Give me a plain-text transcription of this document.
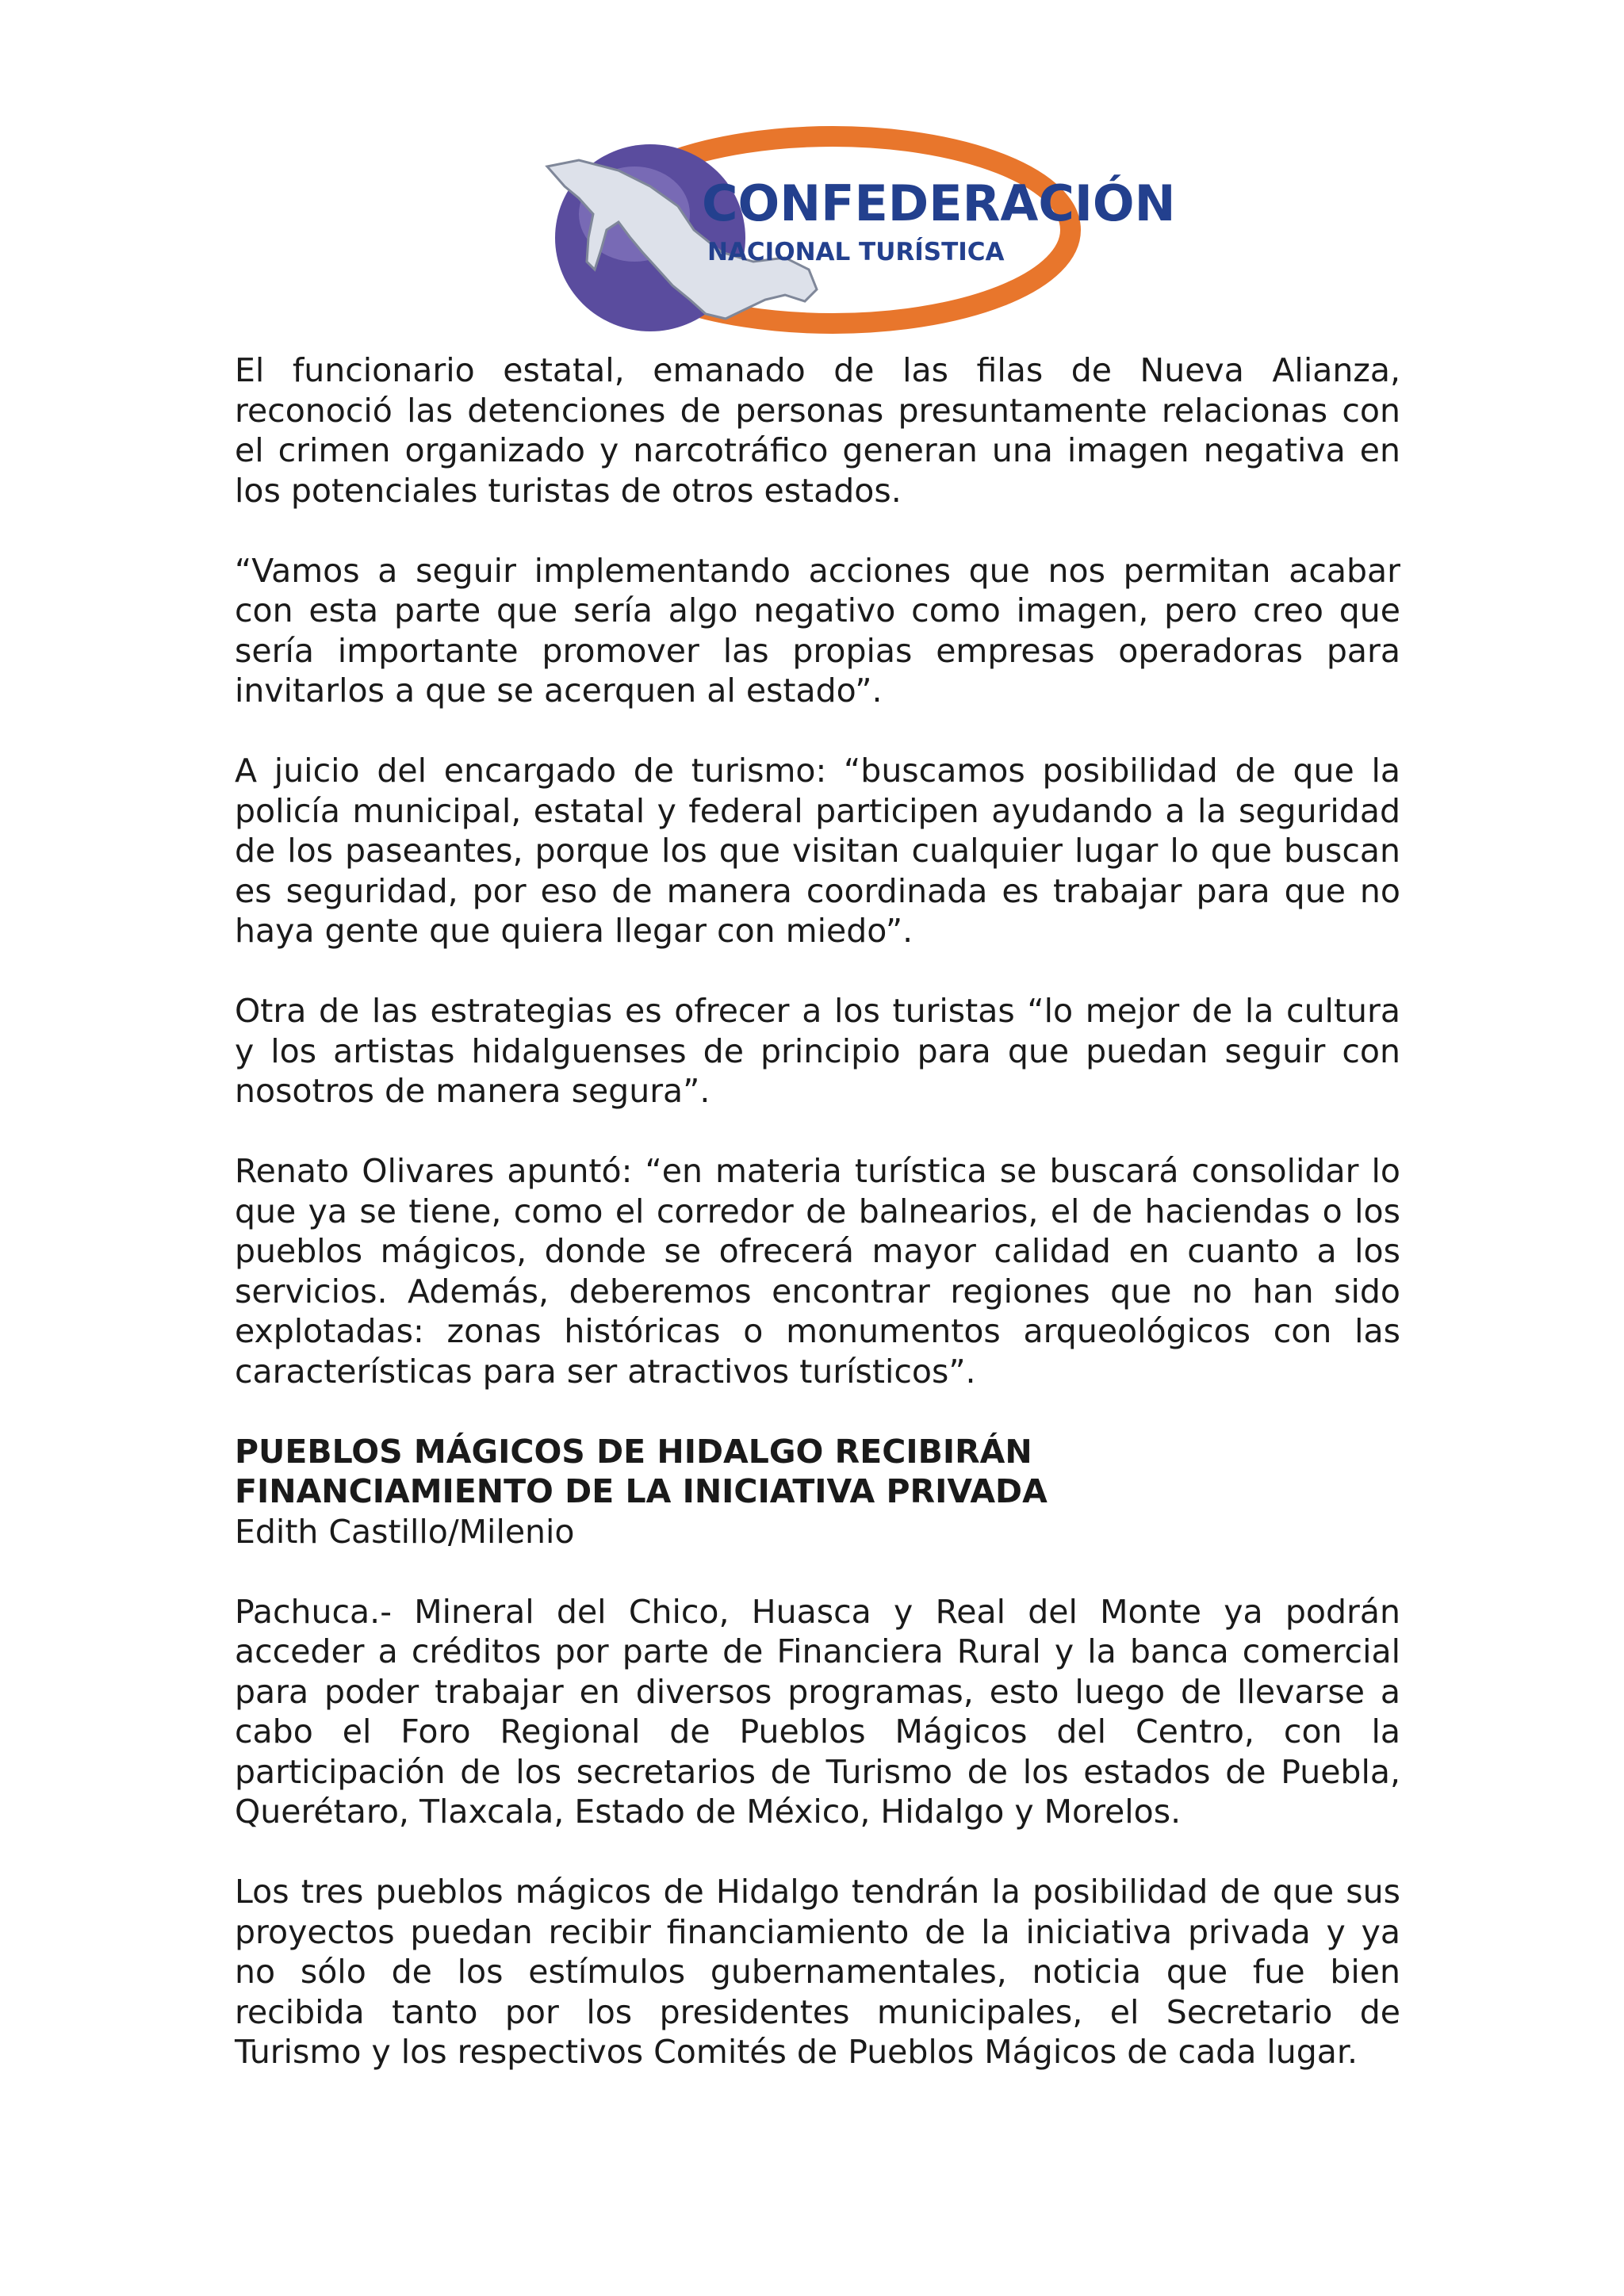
CONFEDERACIÓN
NACIONAL TURÍSTICA

El funcionario estatal, emanado de las filas de Nueva Alianza, reconoció las detenciones de personas presuntamente relacionas con el crimen organizado y narcotráfico generan una imagen negativa en los potenciales turistas de otros estados.

“Vamos a seguir implementando acciones que nos permitan acabar con esta parte que sería algo negativo como imagen, pero creo que sería importante promover las propias empresas operadoras para invitarlos a que se acerquen al estado”.

A juicio del encargado de turismo: “buscamos posibilidad de que la policía municipal, estatal y federal participen ayudando a la seguridad de los paseantes, porque los que visitan cualquier lugar lo que buscan es seguridad, por eso de manera coordinada es trabajar para que no haya gente que quiera llegar con miedo”.

Otra de las estrategias es ofrecer a los turistas “lo mejor de la cultura y los artistas hidalguenses de principio para que puedan seguir con nosotros de manera segura”.

Renato Olivares apuntó: “en materia turística se buscará consolidar lo que ya se tiene, como el corredor de balnearios, el de haciendas o los pueblos mágicos, donde se ofrecerá mayor calidad en cuanto a los servicios. Además, deberemos encontrar regiones que no han sido explotadas: zonas históricas o monumentos arqueológicos con las características para ser atractivos turísticos”.

PUEBLOS MÁGICOS DE HIDALGO RECIBIRÁN
FINANCIAMIENTO DE LA INICIATIVA PRIVADA
Edith Castillo/Milenio

Pachuca.- Mineral del Chico, Huasca y Real del Monte ya podrán acceder a créditos por parte de Financiera Rural y la banca comercial para poder trabajar en diversos programas, esto luego de llevarse a cabo el Foro Regional de Pueblos Mágicos del Centro, con la participación de los secretarios de Turismo de los estados de Puebla, Querétaro, Tlaxcala, Estado de México, Hidalgo y Morelos.

Los tres pueblos mágicos de Hidalgo tendrán la posibilidad de que sus proyectos puedan recibir financiamiento de la iniciativa privada y ya no sólo de los estímulos gubernamentales, noticia que fue bien recibida tanto por los presidentes municipales, el Secretario de Turismo y los respectivos Comités de Pueblos Mágicos de cada lugar.
